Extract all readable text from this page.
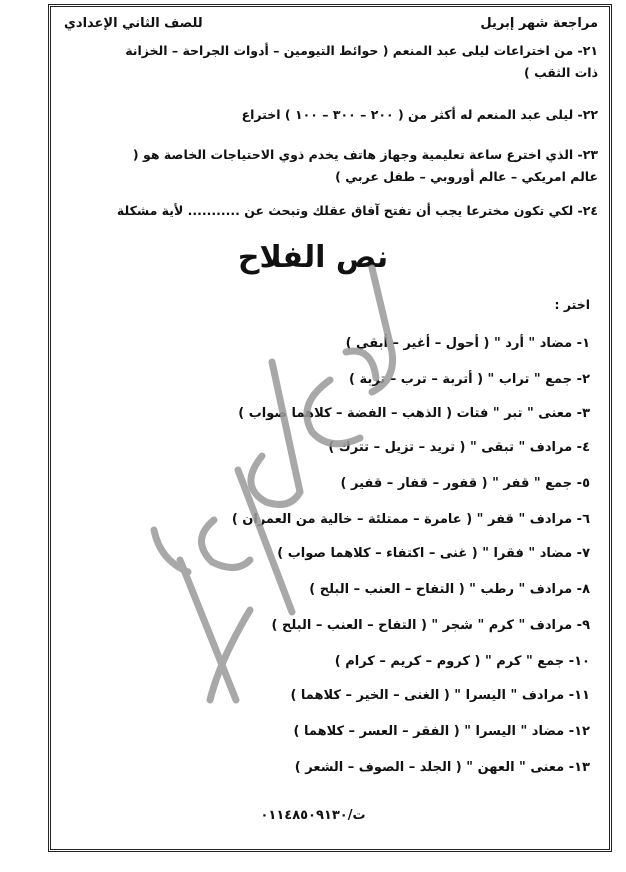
مراجعة شهر إبريل
للصف الثاني الإعدادي
٢١- من اختراعات ليلى عبد المنعم ( حوائط التيومين – أدوات الجراحة – الخزانة
ذات الثقب )
٢٢- ليلى عبد المنعم له أكثر من ( ٢٠٠ – ٣٠٠ – ١٠٠ ) اختراع
٢٣- الذي اخترع ساعة تعليمية وجهاز هاتف يخدم ذوي الاحتياجات الخاصة هو (
عالم امريكي – عالم أوروبي – طفل عربي )
٢٤- لكي تكون مخترعا يجب أن تفتح آفاق عقلك وتبحث عن ........... لأية مشكلة
نص الفلاح
اختر :
١- مضاد " أرد " ( أحول – أغير – أبقي )
٢- جمع " تراب " ( أتربة – ترب – تربة )
٣- معنى " تبر " فتات ( الذهب – الفضة – كلاهما صواب )
٤- مرادف " تبقى " ( تريد – تزيل – تترك )
٥- جمع " قفر " ( قفور – قفار – قفير )
٦- مرادف " قفر " ( عامرة – ممتلئة – خالية من العمران )
٧- مضاد " فقرا " ( غنى – اكتفاء – كلاهما صواب )
٨- مرادف " رطب " ( التفاح – العنب – البلح )
٩- مرادف " كرم " شجر " ( التفاح – العنب – البلح )
١٠- جمع " كرم " ( كروم – كريم – كرام )
١١- مرادف " اليسرا " ( الغنى – الخير – كلاهما )
١٢- مضاد " اليسرا " ( الفقر – العسر – كلاهما )
١٣- معنى " العهن " ( الجلد – الصوف – الشعر )
ت/٠١١٤٨٥٠٩١٣٠
